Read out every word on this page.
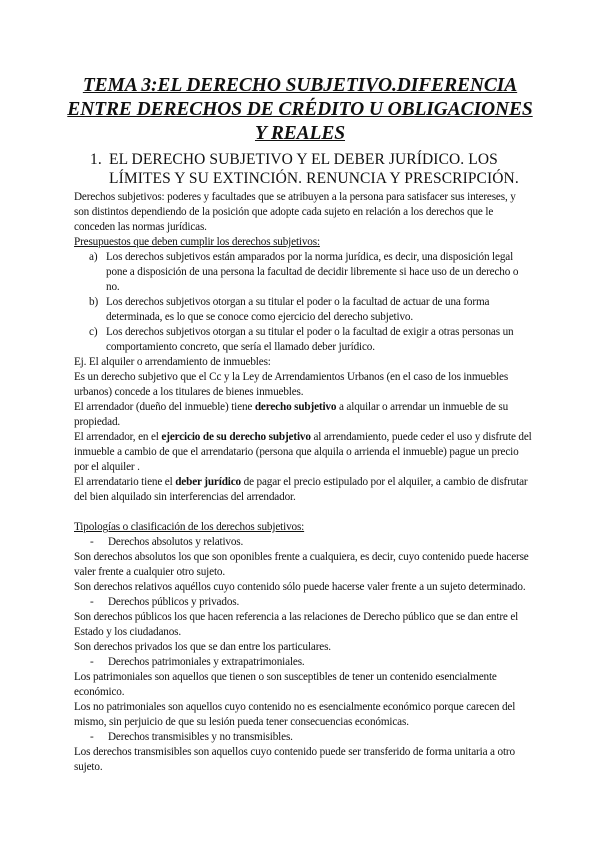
TEMA 3:EL DERECHO SUBJETIVO.DIFERENCIA ENTRE DERECHOS DE CRÉDITO U OBLIGACIONES Y REALES
1. EL DERECHO SUBJETIVO Y EL DEBER JURÍDICO. LOS LÍMITES Y SU EXTINCIÓN. RENUNCIA Y PRESCRIPCIÓN.

Derechos subjetivos: poderes y facultades que se atribuyen a la persona para satisfacer sus intereses, y son distintos dependiendo de la posición que adopte cada sujeto en relación a los derechos que le conceden las normas jurídicas.

Presupuestos que deben cumplir los derechos subjetivos:

a) Los derechos subjetivos están amparados por la norma jurídica, es decir, una disposición legal pone a disposición de una persona la facultad de decidir libremente si hace uso de un derecho o no.
b) Los derechos subjetivos otorgan a su titular el poder o la facultad de actuar de una forma determinada, es lo que se conoce como ejercicio del derecho subjetivo.
c) Los derechos subjetivos otorgan a su titular el poder o la facultad de exigir a otras personas un comportamiento concreto, que sería el llamado deber jurídico.

Ej. El alquiler o arrendamiento de inmuebles:

Es un derecho subjetivo que el Cc y la Ley de Arrendamientos Urbanos (en el caso de los inmuebles urbanos) concede a los titulares de bienes inmuebles.

El arrendador (dueño del inmueble) tiene derecho subjetivo a alquilar o arrendar un inmueble de su propiedad.

El arrendador, en el ejercicio de su derecho subjetivo al arrendamiento, puede ceder el uso y disfrute del inmueble a cambio de que el arrendatario (persona que alquila o arrienda el inmueble) pague un precio por el alquiler .

El arrendatario tiene el deber jurídico de pagar el precio estipulado por el alquiler, a cambio de disfrutar del bien alquilado sin interferencias del arrendador.

Tipologías o clasificación de los derechos subjetivos:

- Derechos absolutos y relativos.

Son derechos absolutos los que son oponibles frente a cualquiera, es decir, cuyo contenido puede hacerse valer frente a cualquier otro sujeto.

Son derechos relativos aquéllos cuyo contenido sólo puede hacerse valer frente a un sujeto determinado.

- Derechos públicos y privados.

Son derechos públicos los que hacen referencia a las relaciones de Derecho público que se dan entre el Estado y los ciudadanos.

Son derechos privados los que se dan entre los particulares.

- Derechos patrimoniales y extrapatrimoniales.

Los patrimoniales son aquellos que tienen o son susceptibles de tener un contenido esencialmente económico.

Los no patrimoniales son aquellos cuyo contenido no es esencialmente económico porque carecen del mismo, sin perjuicio de que su lesión pueda tener consecuencias económicas.

- Derechos transmisibles y no transmisibles.

Los derechos transmisibles son aquellos cuyo contenido puede ser transferido de forma unitaria a otro sujeto.
